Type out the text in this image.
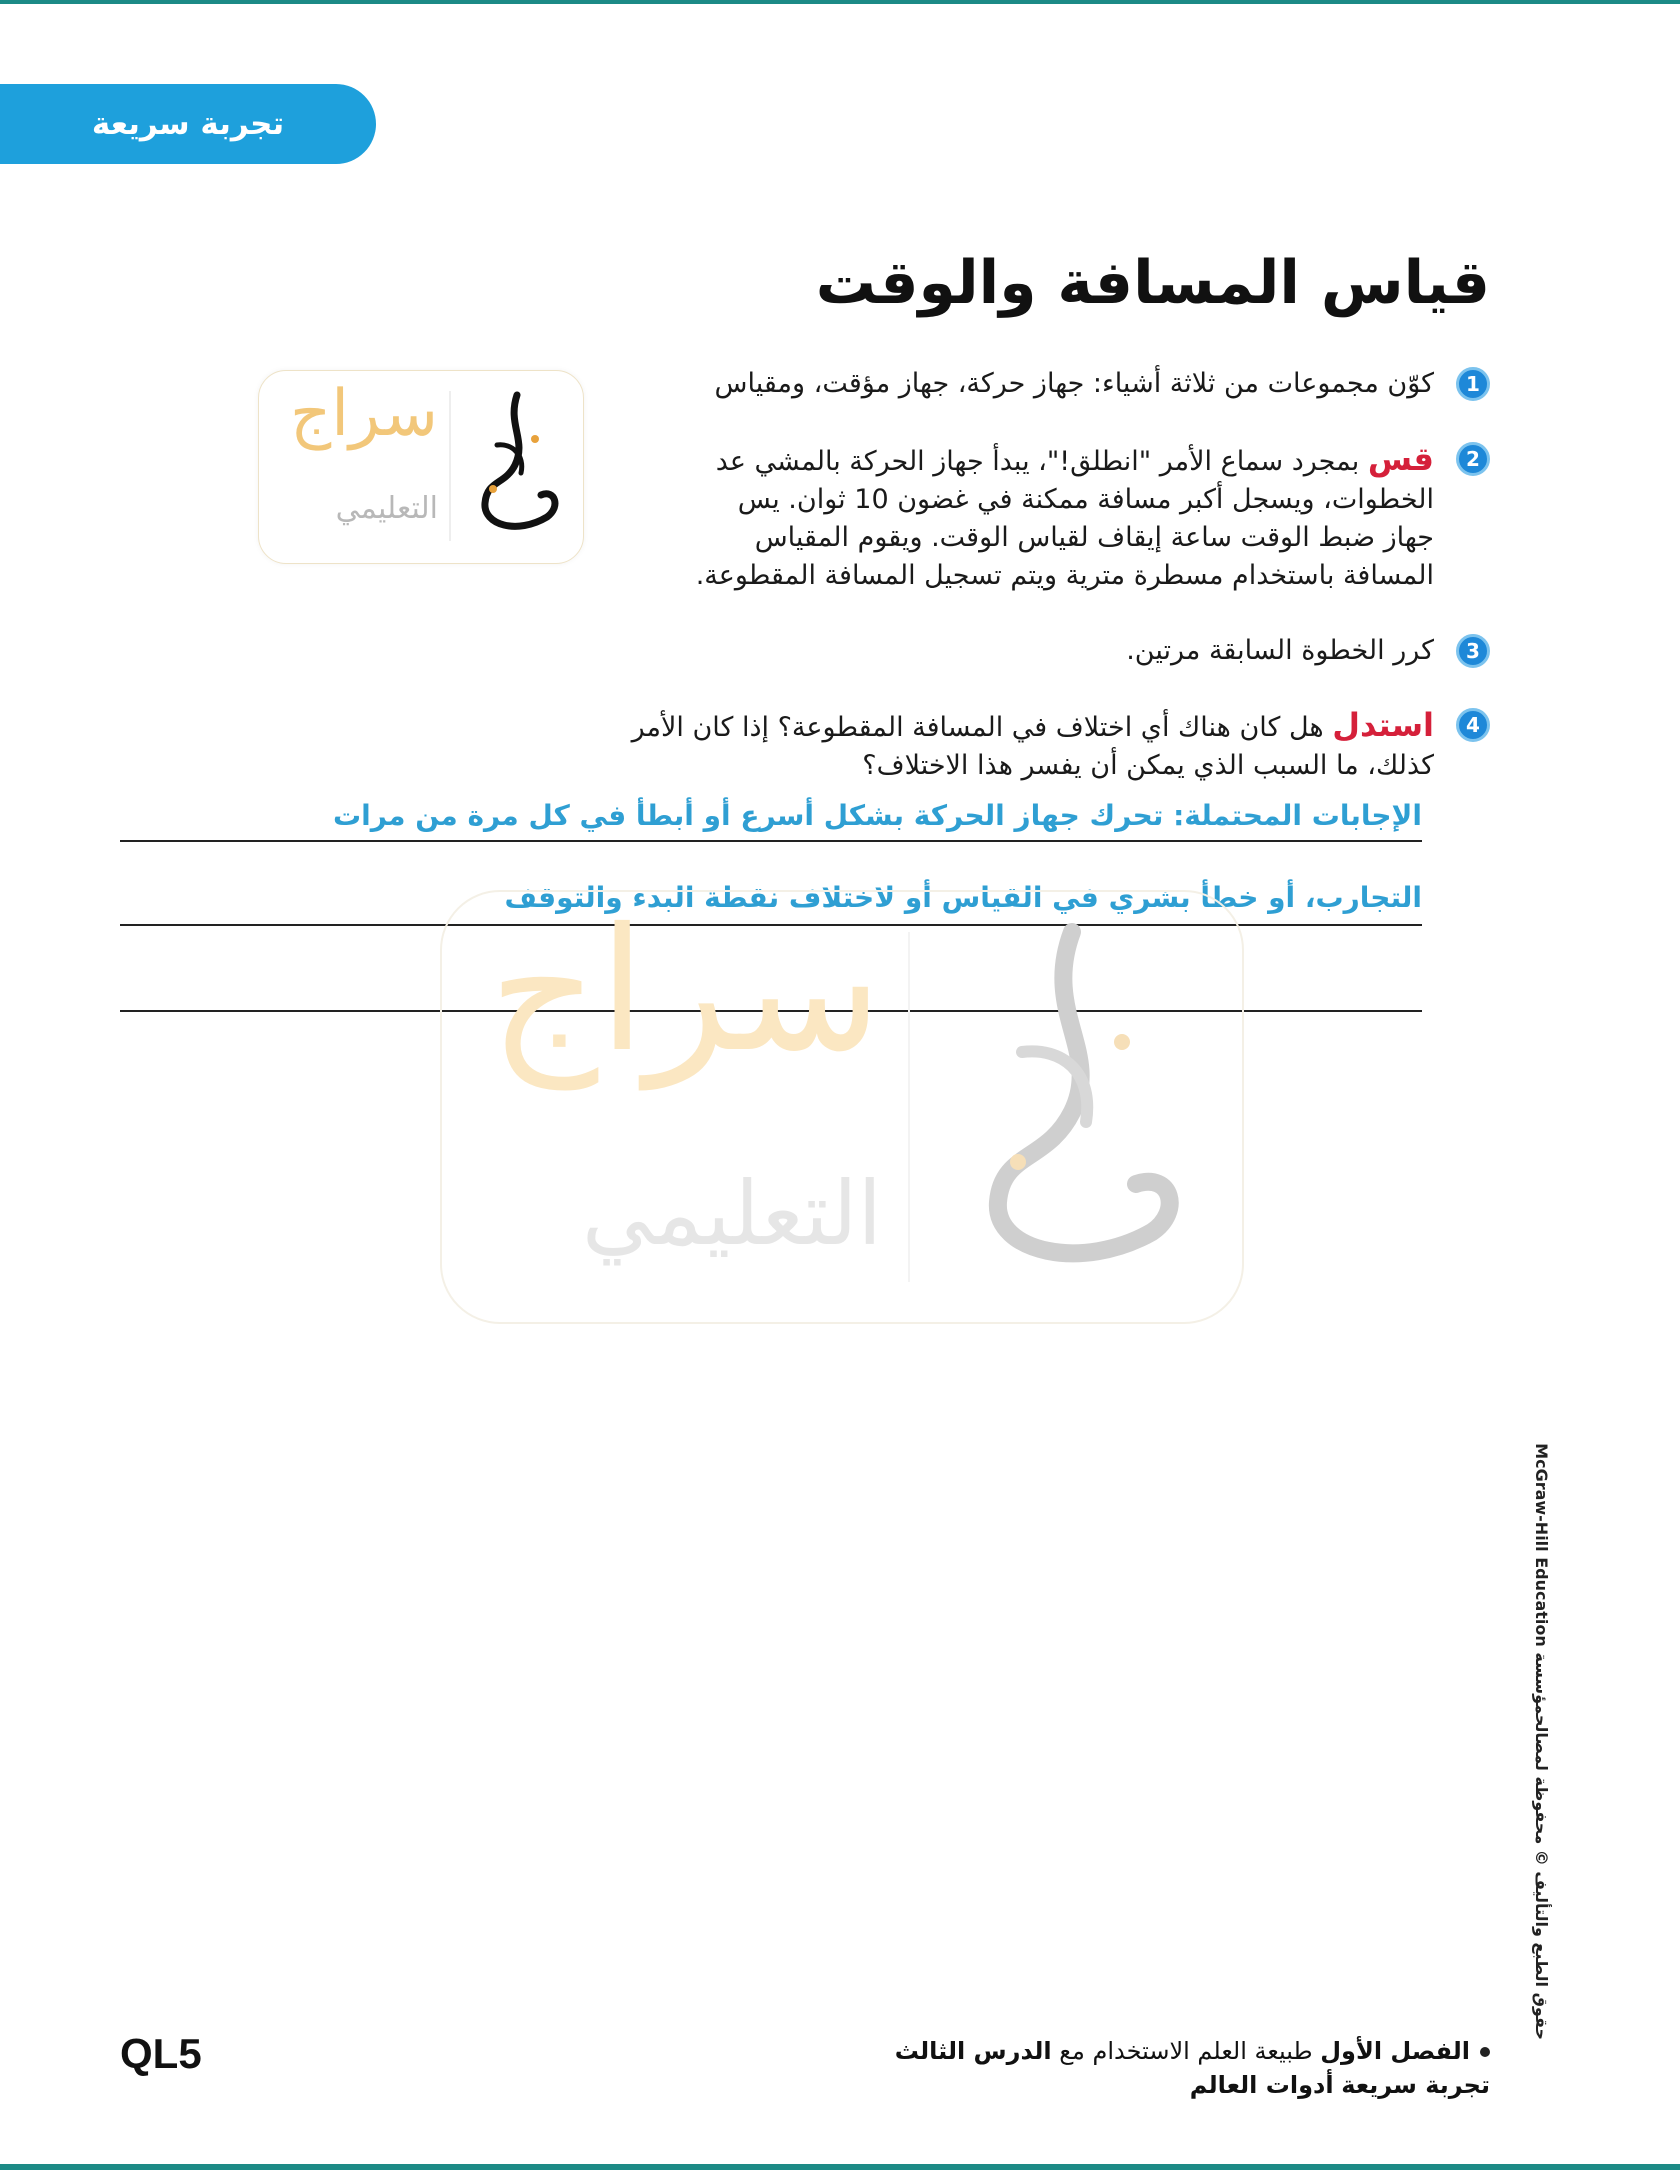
تجربة سريعة
قياس المسافة والوقت
1
كوّن مجموعات من ثلاثة أشياء: جهاز حركة، جهاز مؤقت، ومقياس
2
قس بمجرد سماع الأمر "انطلق!"، يبدأ جهاز الحركة بالمشي عد
الخطوات، ويسجل أكبر مسافة ممكنة في غضون 10 ثوان. يس
جهاز ضبط الوقت ساعة إيقاف لقياس الوقت. ويقوم المقياس
المسافة باستخدام مسطرة مترية ويتم تسجيل المسافة المقطوعة.
3
كرر الخطوة السابقة مرتين.
4
استدل هل كان هناك أي اختلاف في المسافة المقطوعة؟ إذا كان الأمر
كذلك، ما السبب الذي يمكن أن يفسر هذا الاختلاف؟
الإجابات المحتملة: تحرك جهاز الحركة بشكل أسرع أو أبطأ في كل مرة من مرات
التجارب، أو خطأ بشري في القياس أو لاختلاف نقطة البدء والتوقف
سراج
التعليمي
سراج
التعليمي
حقوق الطبع والتأليف © محفوظة لمصالحمؤسسة McGraw-Hill Education
QL5	الفصل الأول طبيعة العلم الاستخدام مع الدرس الثالث
تجربة سريعة أدوات العالم
